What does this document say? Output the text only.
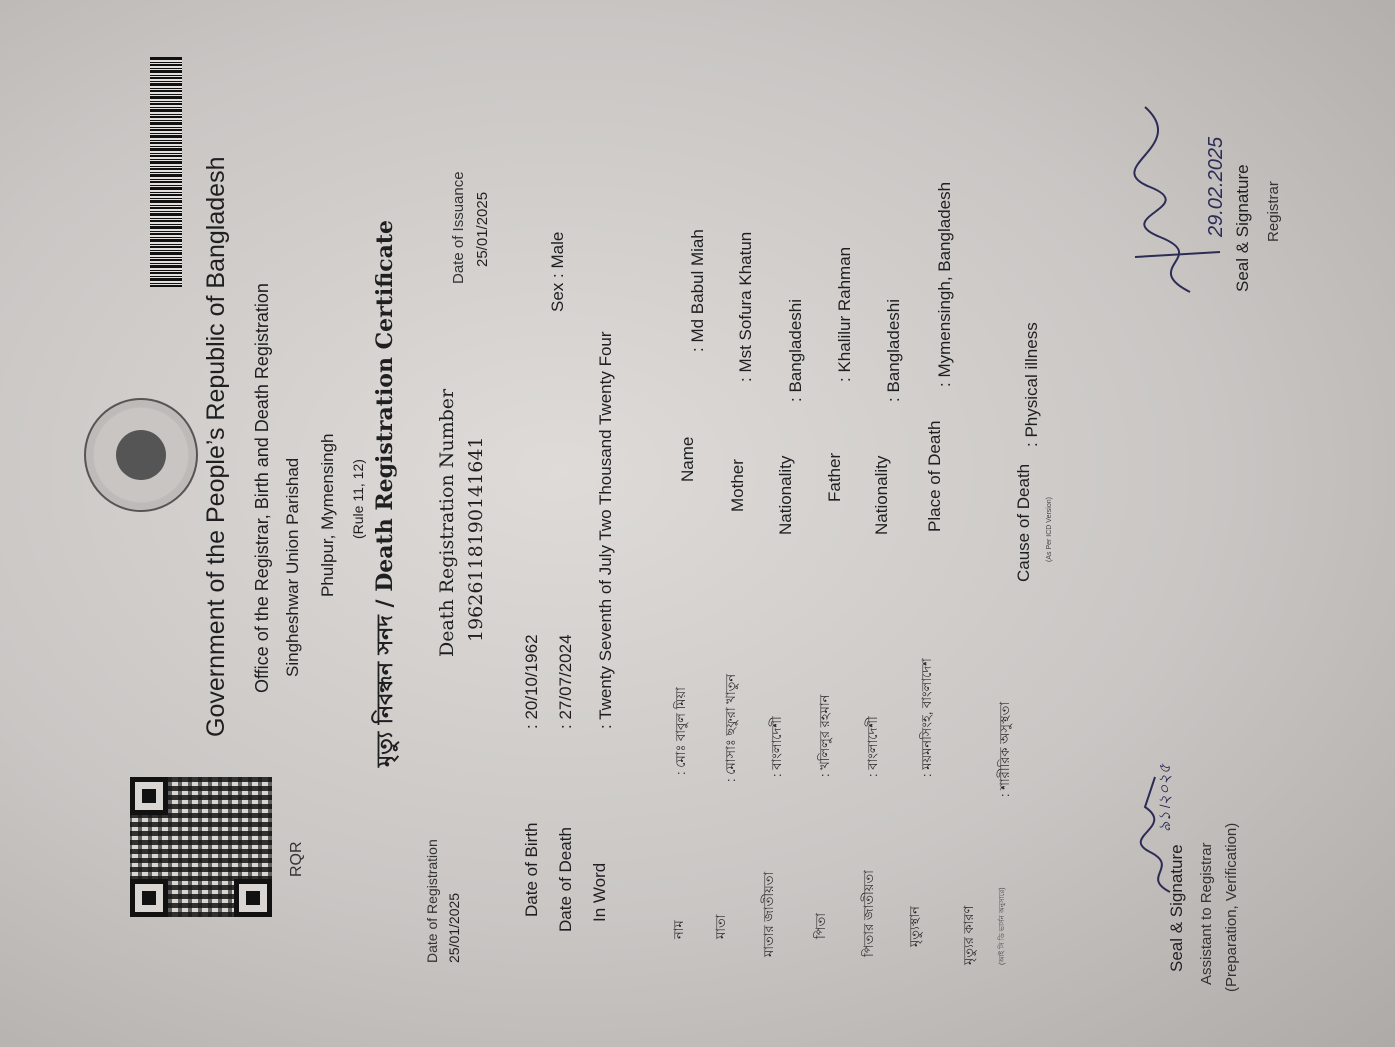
RQR
Government of the People’s Republic of Bangladesh Office of the Registrar, Birth and Death Registration Singheshwar Union Parishad Phulpur, Mymensingh (Rule 11, 12) মৃত্যু নিবন্ধন সনদ / Death Registration Certificate
Date of Registration 25/01/2025
Death Registration Number 19626118190141641
Date of Issuance 25/01/2025
Date of Birth
: 20/10/1962
Date of Death
: 27/07/2024
In Word
: Twenty Seventh of July Two Thousand Twenty Four
Sex : Male
নাম
: মোঃ বাবুল মিয়া
Name
: Md Babul Miah
মাতা
: মোসাঃ ছফুরা খাতুন
Mother
: Mst Sofura Khatun
মাতার জাতীয়তা
: বাংলাদেশী
Nationality
: Bangladeshi
পিতা
: খলিলুর রহমান
Father
: Khalilur Rahman
পিতার জাতীয়তা
: বাংলাদেশী
Nationality
: Bangladeshi
মৃত্যুস্থান
: ময়মনসিংহ, বাংলাদেশ
Place of Death
: Mymensingh, Bangladesh
মৃত্যুর কারণ
: শারীরিক অসুস্থতা
Cause of Death
: Physical illness
(আই সি ডি ভার্সন অনুসারে)
(As Per ICD Version)
৯১।২০২৫
Seal & Signature Assistant to Registrar (Preparation, Verification)
29.02.2025 Seal & Signature Registrar
